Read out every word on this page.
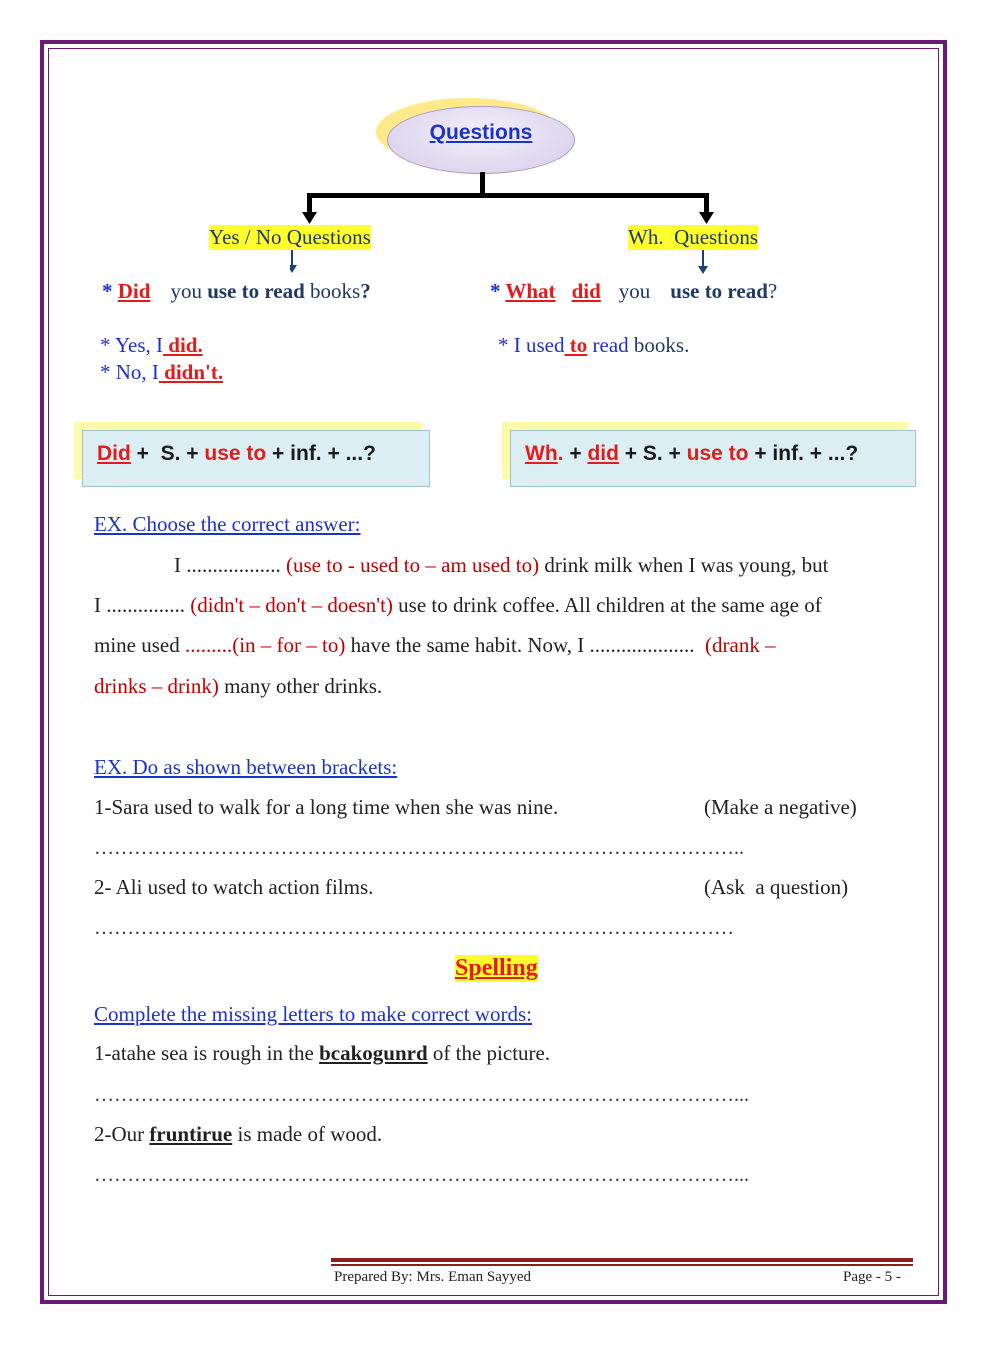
Questions
Yes / No Questions	Wh.  Questions
* Did you use to read books?
* Yes, I did.
* No, I didn't.
* What did you use to read?
* I used to read books.
Did +  S. + use to + inf. + ...?	Wh. + did + S. + use to + inf. + ...?
EX. Choose the correct answer:
I .................. (use to - used to – am used to) drink milk when I was young, but
I ............... (didn't – don't – doesn't) use to drink coffee. All children at the same age of
mine used .........(in – for – to) have the same habit. Now, I ....................  (drank –
drinks – drink) many other drinks.
EX. Do as shown between brackets:
1-Sara used to walk for a long time when she was nine.	(Make a negative)
……………………………………………………………………………………..
2- Ali used to watch action films.	(Ask  a question)
……………………………………………………………………………………
Spelling
Complete the missing letters to make correct words:
1-atahe sea is rough in the bcakogunrd of the picture.
……………………………………………………………………………………...
2-Our fruntirue is made of wood.
……………………………………………………………………………………...
Prepared By: Mrs. Eman Sayyed	Page - 5 -
